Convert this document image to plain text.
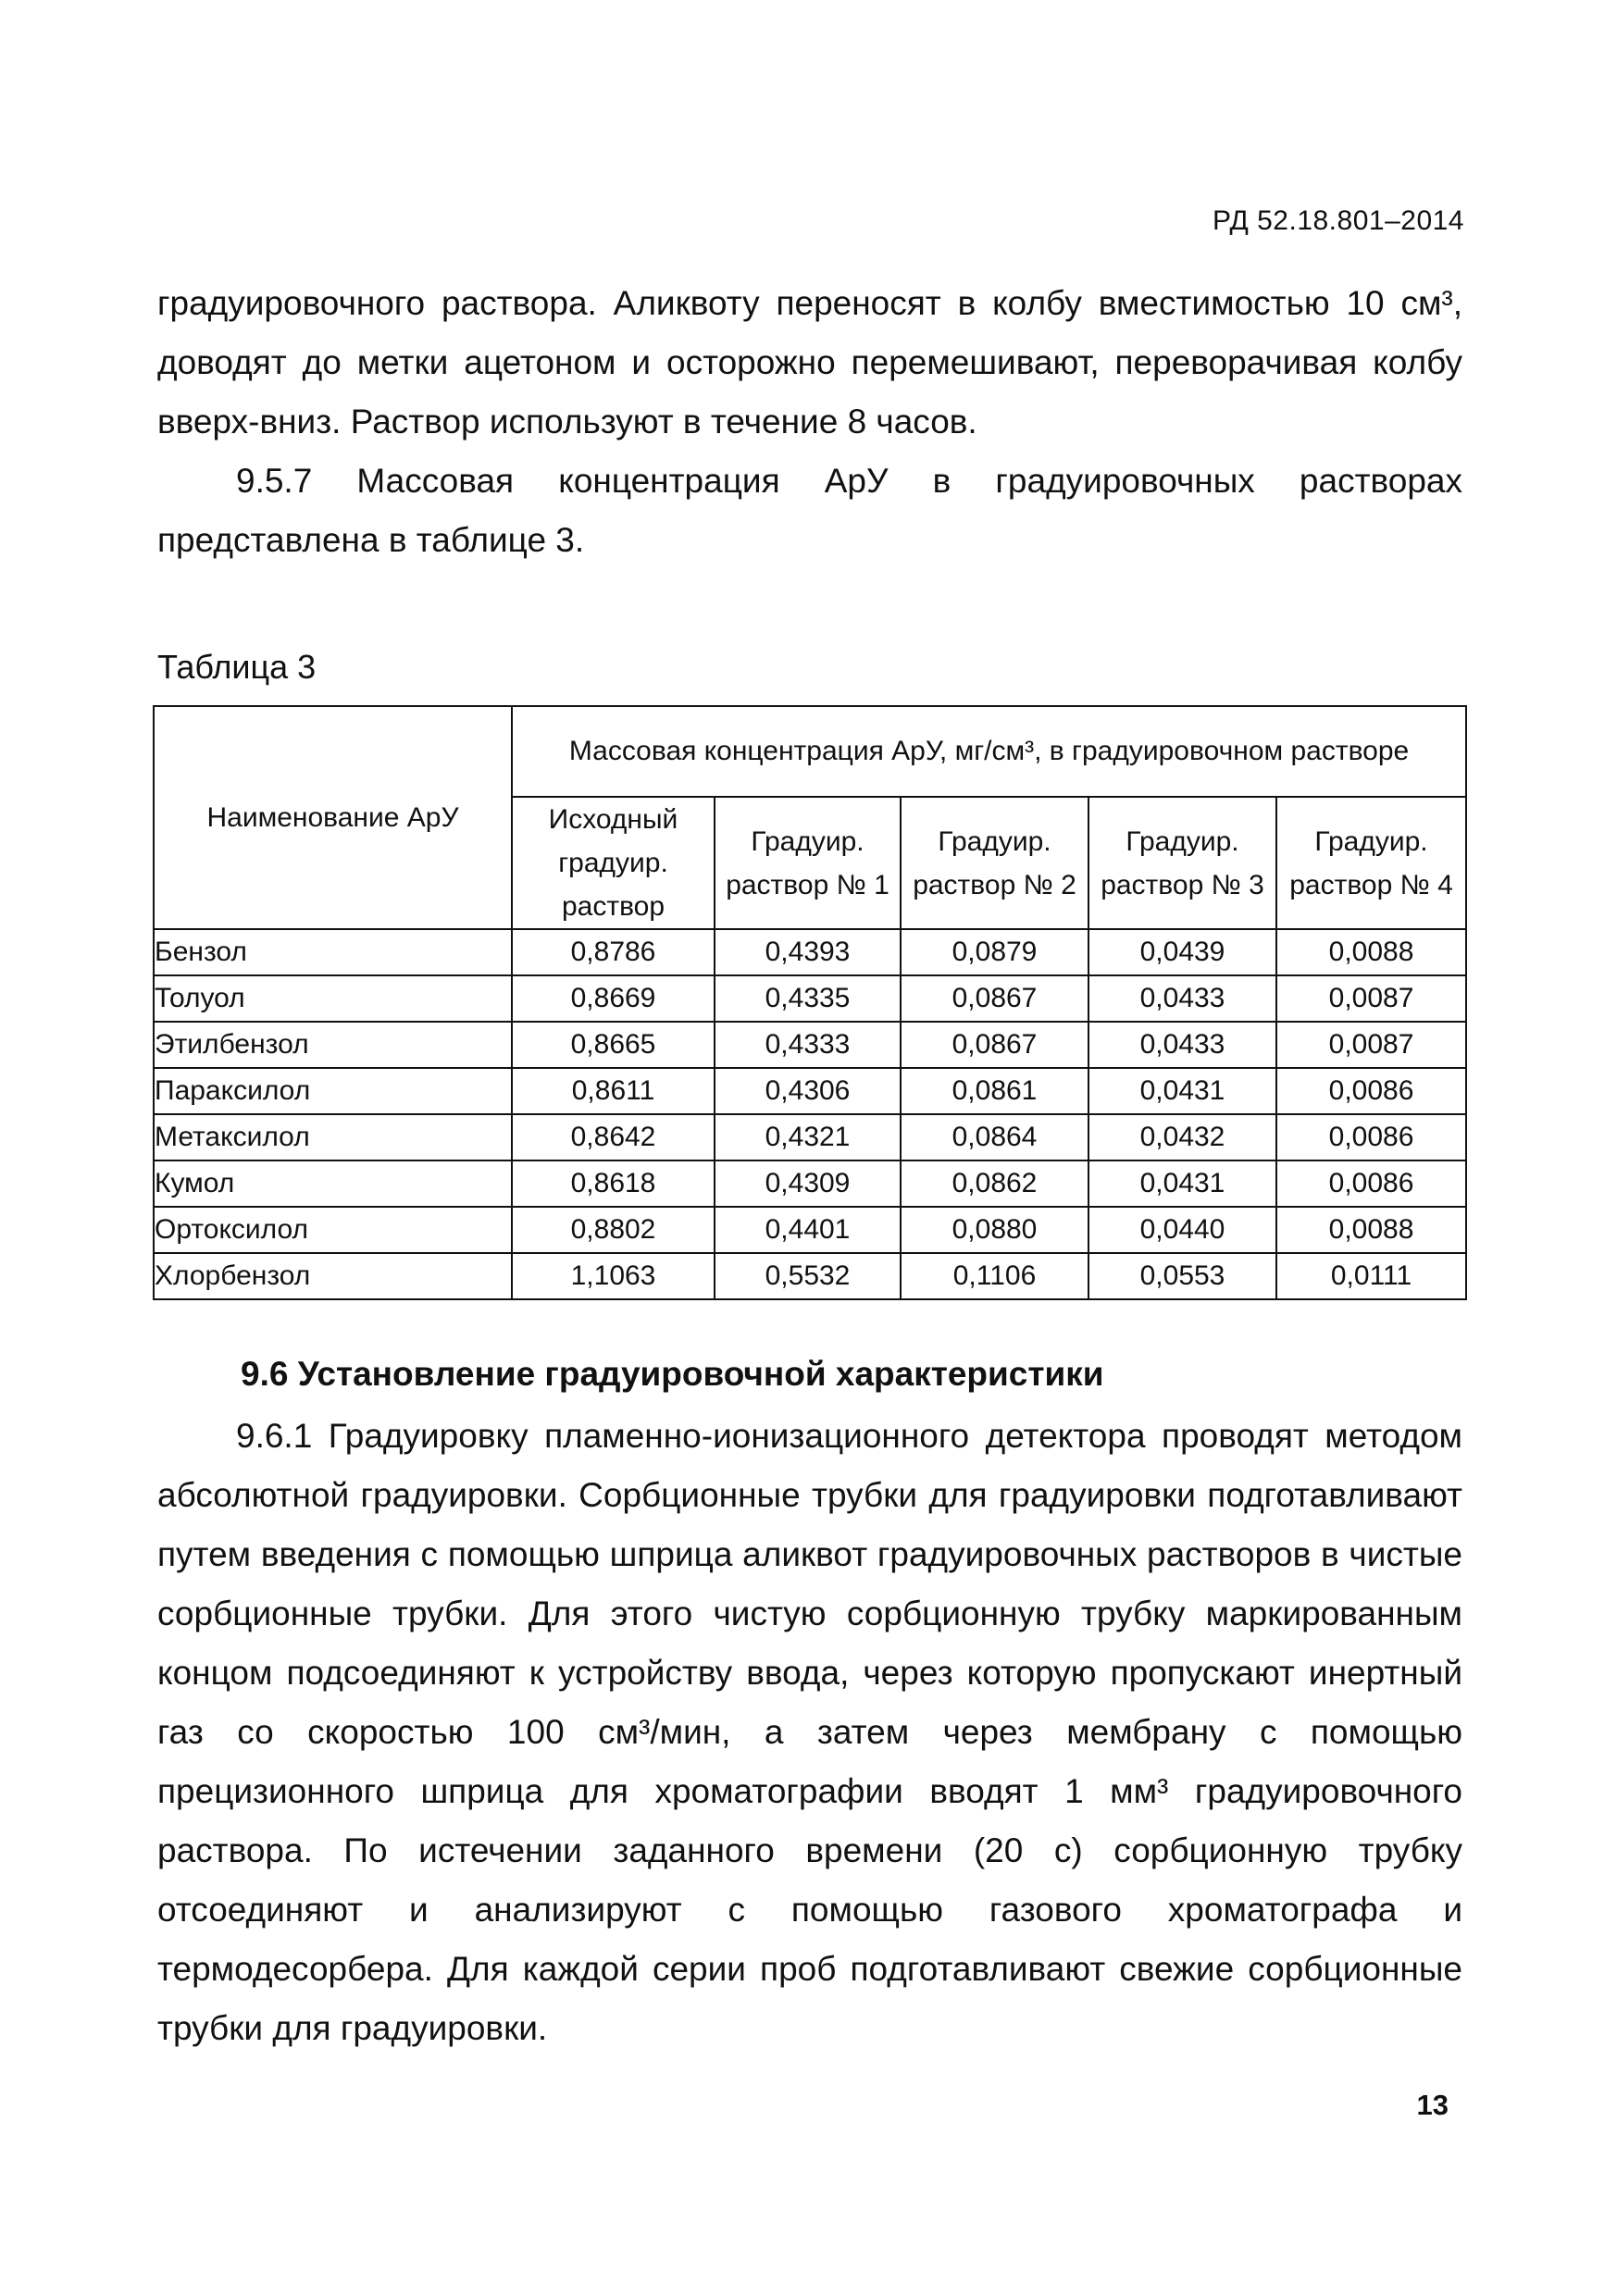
РД 52.18.801–2014

градуировочного раствора. Аликвоту переносят в колбу вместимостью 10 см³, доводят до метки ацетоном и осторожно перемешивают, переворачивая колбу вверх-вниз. Раствор используют в течение 8 часов.

9.5.7 Массовая концентрация АрУ в градуировочных растворах представлена в таблице 3.

Таблица 3
Наименование АрУ	Массовая концентрация АрУ, мг/см³, в градуировочном растворе				
	Исходный градуир. раствор	Градуир. раствор № 1	Градуир. раствор № 2	Градуир. раствор № 3	Градуир. раствор № 4
Бензол	0,8786	0,4393	0,0879	0,0439	0,0088
Толуол	0,8669	0,4335	0,0867	0,0433	0,0087
Этилбензол	0,8665	0,4333	0,0867	0,0433	0,0087
Параксилол	0,8611	0,4306	0,0861	0,0431	0,0086
Метаксилол	0,8642	0,4321	0,0864	0,0432	0,0086
Кумол	0,8618	0,4309	0,0862	0,0431	0,0086
Ортоксилол	0,8802	0,4401	0,0880	0,0440	0,0088
Хлорбензол	1,1063	0,5532	0,1106	0,0553	0,0111
9.6 Установление градуировочной характеристики

9.6.1 Градуировку пламенно-ионизационного детектора проводят методом абсолютной градуировки. Сорбционные трубки для градуировки подготавливают путем введения с помощью шприца аликвот градуировочных растворов в чистые сорбционные трубки. Для этого чистую сорбционную трубку маркированным концом подсоединяют к устройству ввода, через которую пропускают инертный газ со скоростью 100 см³/мин, а затем через мембрану с помощью прецизионного шприца для хроматографии вводят 1 мм³ градуировочного раствора. По истечении заданного времени (20 с) сорбционную трубку отсоединяют и анализируют с помощью газового хроматографа и термодесорбера. Для каждой серии проб подготавливают свежие сорбционные трубки для градуировки.

13
